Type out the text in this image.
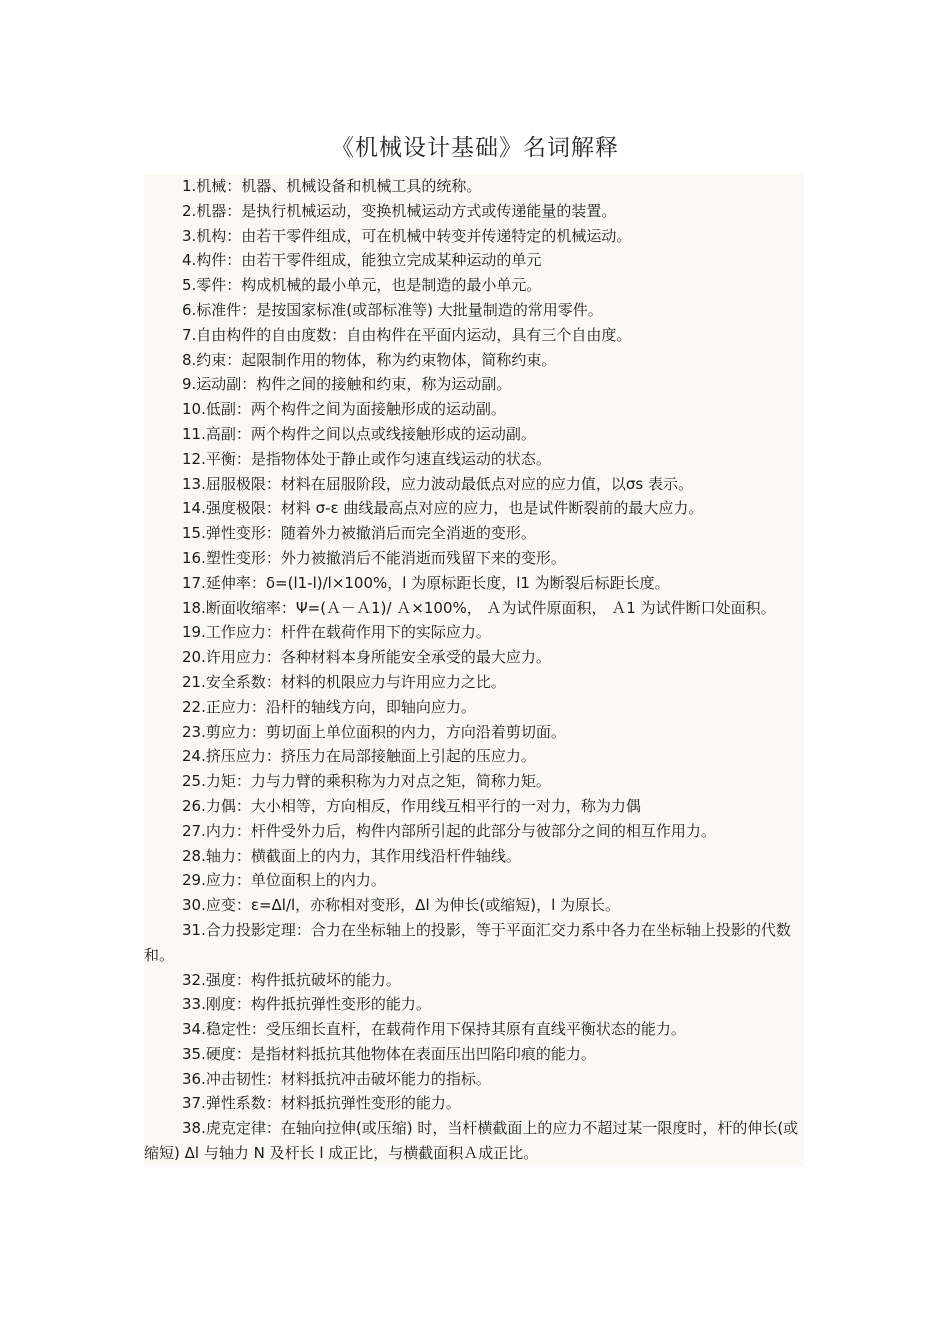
《机械设计基础》名词解释

1.机械：机器、机械设备和机械工具的统称。

2.机器：是执行机械运动，变换机械运动方式或传递能量的装置。

3.机构：由若干零件组成，可在机械中转变并传递特定的机械运动。

4.构件：由若干零件组成，能独立完成某种运动的单元

5.零件：构成机械的最小单元，也是制造的最小单元。

6.标准件：是按国家标准(或部标准等) 大批量制造的常用零件。

7.自由构件的自由度数：自由构件在平面内运动，具有三个自由度。

8.约束：起限制作用的物体，称为约束物体，简称约束。

9.运动副：构件之间的接触和约束，称为运动副。

10.低副：两个构件之间为面接触形成的运动副。

11.高副：两个构件之间以点或线接触形成的运动副。

12.平衡：是指物体处于静止或作匀速直线运动的状态。

13.屈服极限：材料在屈服阶段，应力波动最低点对应的应力值，以σs 表示。

14.强度极限：材料 σ-ε 曲线最高点对应的应力，也是试件断裂前的最大应力。

15.弹性变形：随着外力被撤消后而完全消逝的变形。

16.塑性变形：外力被撤消后不能消逝而残留下来的变形。

17.延伸率：δ=(l1-l)/l×100%，l 为原标距长度，l1 为断裂后标距长度。

18.断面收缩率：Ψ=(Ａ－Ａ1)/ Ａ×100%， Ａ为试件原面积， Ａ1 为试件断口处面积。

19.工作应力：杆件在载荷作用下的实际应力。

20.许用应力：各种材料本身所能安全承受的最大应力。

21.安全系数：材料的机限应力与许用应力之比。

22.正应力：沿杆的轴线方向，即轴向应力。

23.剪应力：剪切面上单位面积的内力，方向沿着剪切面。

24.挤压应力：挤压力在局部接触面上引起的压应力。

25.力矩：力与力臂的乘积称为力对点之矩，简称力矩。

26.力偶：大小相等，方向相反，作用线互相平行的一对力，称为力偶

27.内力：杆件受外力后，构件内部所引起的此部分与彼部分之间的相互作用力。

28.轴力：横截面上的内力，其作用线沿杆件轴线。

29.应力：单位面积上的内力。

30.应变：ε=Δl/l，亦称相对变形，Δl 为伸长(或缩短)，l 为原长。

31.合力投影定理：合力在坐标轴上的投影，等于平面汇交力系中各力在坐标轴上投影的代数和。

32.强度：构件抵抗破坏的能力。

33.刚度：构件抵抗弹性变形的能力。

34.稳定性：受压细长直杆，在载荷作用下保持其原有直线平衡状态的能力。

35.硬度：是指材料抵抗其他物体在表面压出凹陷印痕的能力。

36.冲击韧性：材料抵抗冲击破坏能力的指标。

37.弹性系数：材料抵抗弹性变形的能力。

38.虎克定律：在轴向拉伸(或压缩) 时，当杆横截面上的应力不超过某一限度时，杆的伸长(或缩短) Δl 与轴力 N 及杆长 l 成正比，与横截面积Ａ成正比。
